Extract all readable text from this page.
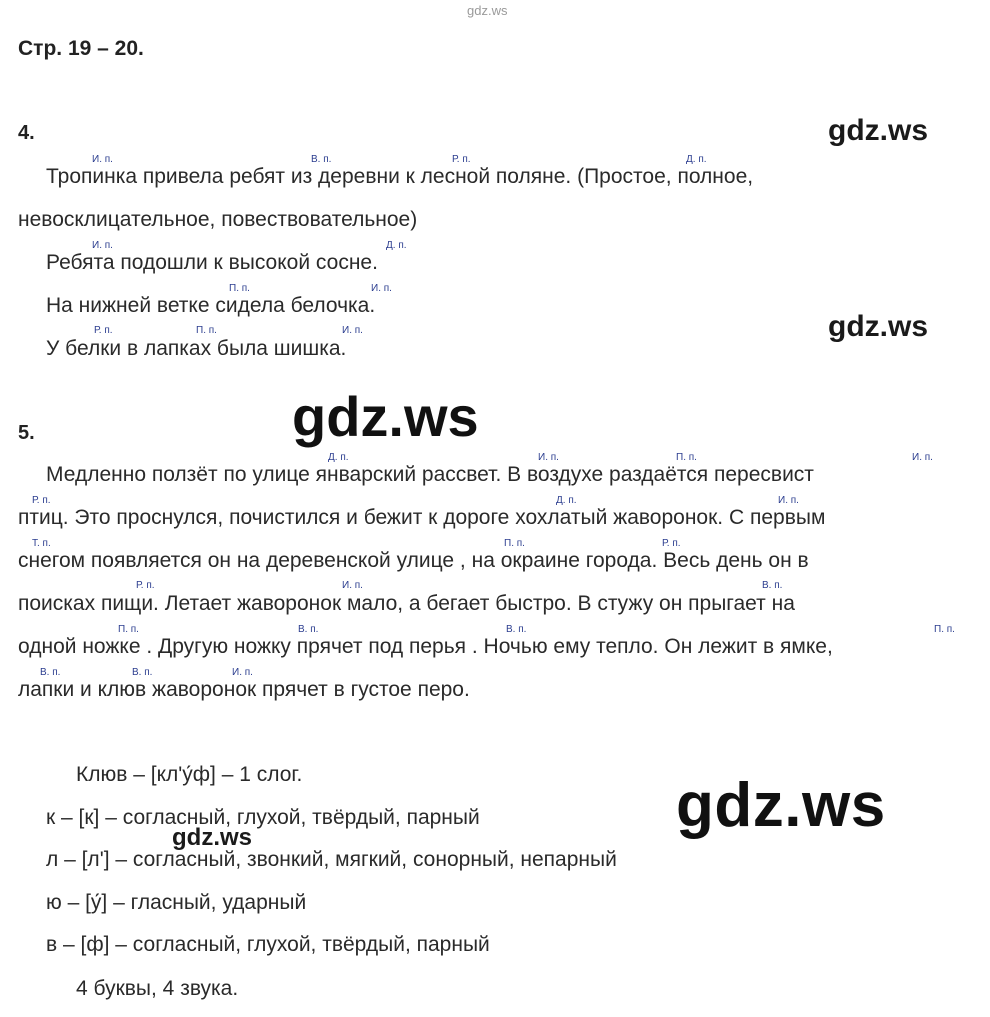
gdz.ws
Стр. 19 – 20.
4.	gdz.ws
И. п.	В. п.	Р. п.	Д. п.
Тропинка привела ребят из деревни к лесной поляне. (Простое, полное,
невосклицательное, повествовательное)
И. п.	Д. п.
Ребята подошли к высокой сосне.
П. п.	И. п.
На нижней ветке сидела белочка.
Р. п.	П. п.	И. п.
У белки в лапках была шишка.
gdz.ws
5.	gdz.ws
Д. п.	И. п.	П. п.	И. п.
Медленно ползёт по улице январский рассвет. В воздухе раздаётся пересвист
Р. п.	Д. п.	И. п.
птиц. Это проснулся, почистился и бежит к дороге хохлатый жаворонок. С первым
Т. п.	П. п.	Р. п.
снегом появляется он на деревенской улице , на окраине города. Весь день он в
Р. п.	И. п.	В. п.
поисках пищи. Летает жаворонок мало, а бегает быстро. В стужу он прыгает на
П. п.	В. п.	В. п.	П. п.
одной ножке . Другую ножку прячет под перья . Ночью ему тепло. Он лежит в ямке,
В. п.	В. п.	И. п.
лапки и клюв жаворонок прячет в густое перо.
Клюв – [кл'у́ф] – 1 слог.
к – [к] – согласный, глухой, твёрдый, парный
л – [л'] – согласный, звонкий, мягкий, сонорный, непарный
ю – [у́] – гласный, ударный
в – [ф] – согласный, глухой, твёрдый, парный
4 буквы, 4 звука.
gdz.ws
gdz.ws
